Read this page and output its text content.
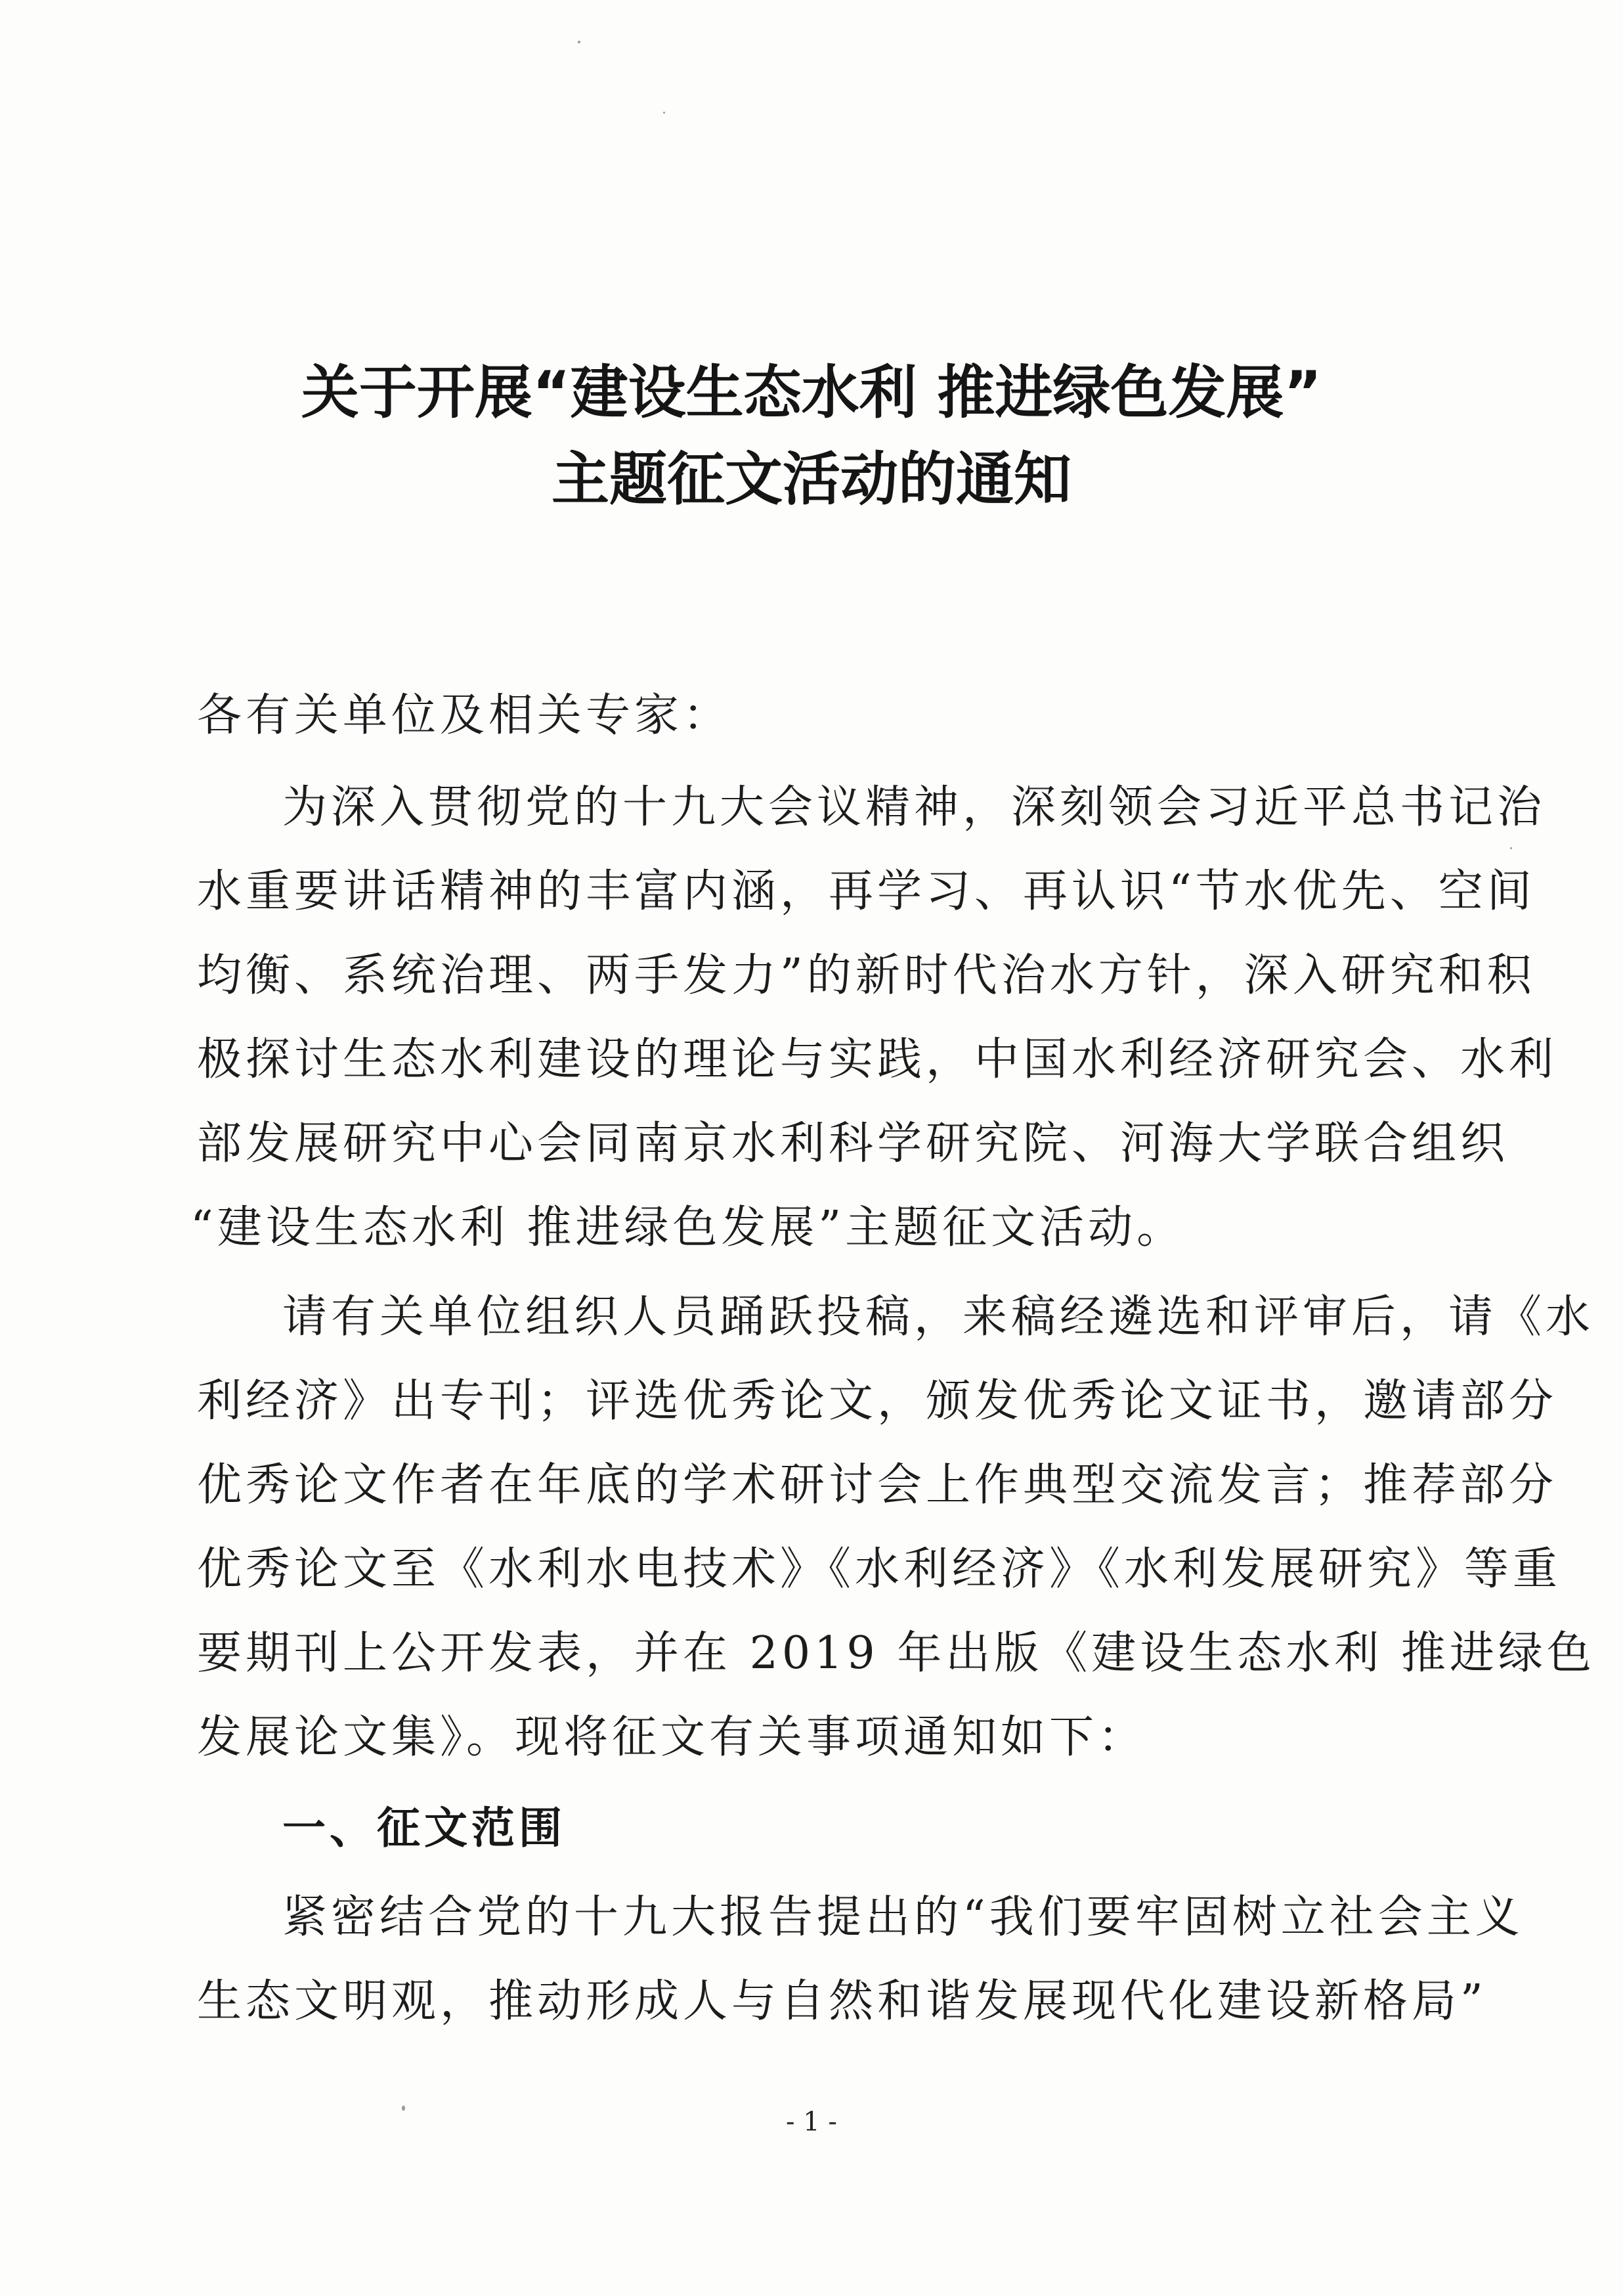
关于开展“建设生态水利 推进绿色发展”
主题征文活动的通知
各有关单位及相关专家：
为深入贯彻党的十九大会议精神，深刻领会习近平总书记治
水重要讲话精神的丰富内涵，再学习、再认识“节水优先、空间
均衡、系统治理、两手发力”的新时代治水方针，深入研究和积
极探讨生态水利建设的理论与实践，中国水利经济研究会、水利
部发展研究中心会同南京水利科学研究院、河海大学联合组织
“建设生态水利 推进绿色发展”主题征文活动。
请有关单位组织人员踊跃投稿，来稿经遴选和评审后，请《水
利经济》出专刊；评选优秀论文，颁发优秀论文证书，邀请部分
优秀论文作者在年底的学术研讨会上作典型交流发言；推荐部分
优秀论文至《水利水电技术》《水利经济》《水利发展研究》等重
要期刊上公开发表，并在 2019 年出版《建设生态水利 推进绿色
发展论文集》。现将征文有关事项通知如下：
一、征文范围
紧密结合党的十九大报告提出的“我们要牢固树立社会主义
生态文明观，推动形成人与自然和谐发展现代化建设新格局”
- 1 -
